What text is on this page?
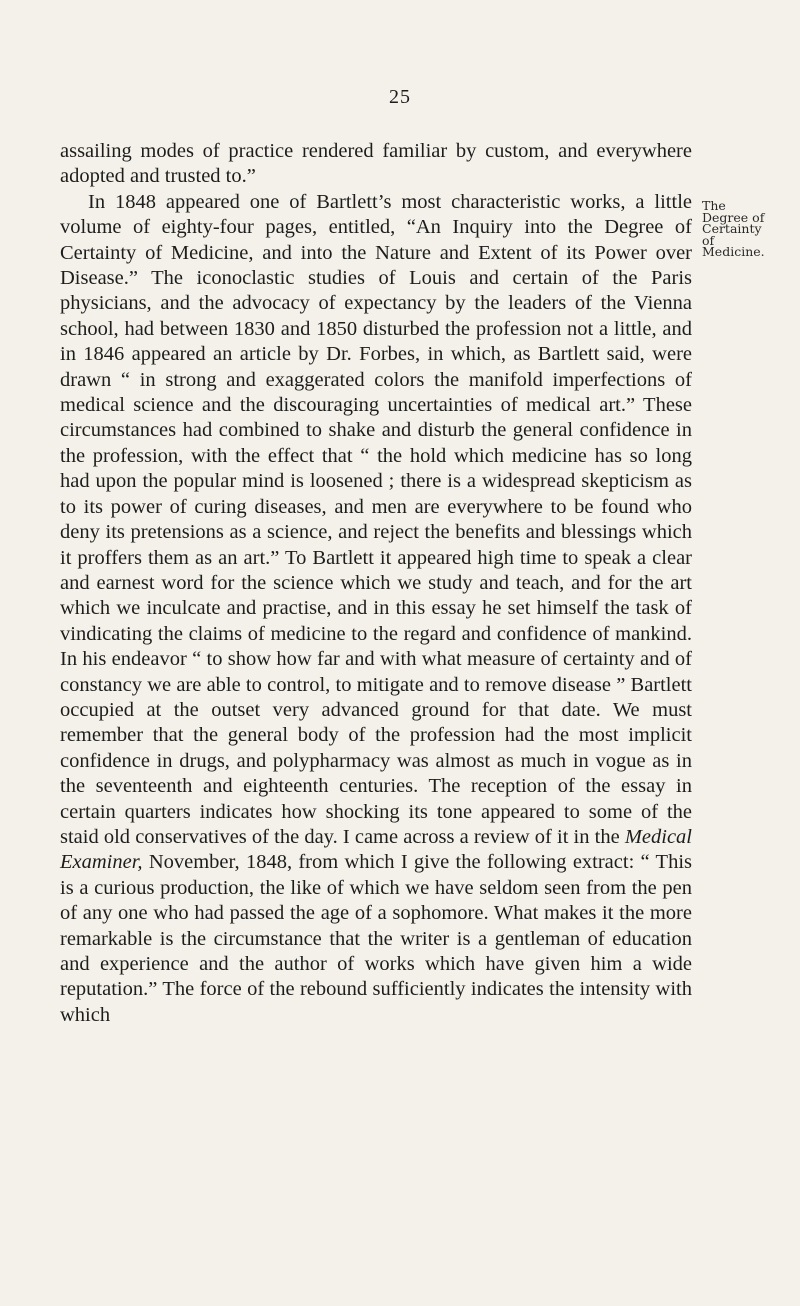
25

assailing modes of practice rendered familiar by custom, and everywhere adopted and trusted to.”

In 1848 appeared one of Bartlett’s most characteristic works, a little volume of eighty-four pages, entitled, “An Inquiry into the Degree of Certainty of Medicine, and into the Nature and Extent of its Power over Disease.” The iconoclastic studies of Louis and certain of the Paris physicians, and the advocacy of expectancy by the leaders of the Vienna school, had between 1830 and 1850 disturbed the profession not a little, and in 1846 appeared an article by Dr. Forbes, in which, as Bartlett said, were drawn “ in strong and exaggerated colors the manifold imperfections of medical science and the discouraging uncertainties of medical art.” These circumstances had combined to shake and disturb the general confidence in the profession, with the effect that “ the hold which medicine has so long had upon the popular mind is loosened ; there is a widespread skepticism as to its power of curing diseases, and men are everywhere to be found who deny its pretensions as a science, and reject the benefits and blessings which it proffers them as an art.” To Bartlett it appeared high time to speak a clear and earnest word for the science which we study and teach, and for the art which we inculcate and practise, and in this essay he set himself the task of vindicating the claims of medicine to the regard and confidence of mankind. In his endeavor “ to show how far and with what measure of certainty and of constancy we are able to control, to mitigate and to remove disease ” Bartlett occupied at the outset very advanced ground for that date. We must remember that the general body of the profession had the most implicit confidence in drugs, and polypharmacy was almost as much in vogue as in the seventeenth and eighteenth centuries. The reception of the essay in certain quarters indicates how shocking its tone appeared to some of the staid old conservatives of the day. I came across a review of it in the Medical Examiner, November, 1848, from which I give the following extract: “ This is a curious production, the like of which we have seldom seen from the pen of any one who had passed the age of a sophomore. What makes it the more remarkable is the circumstance that the writer is a gentleman of education and experience and the author of works which have given him a wide reputation.” The force of the rebound sufficiently indicates the intensity with which

The
Degree of
Certainty
of
Medicine.
